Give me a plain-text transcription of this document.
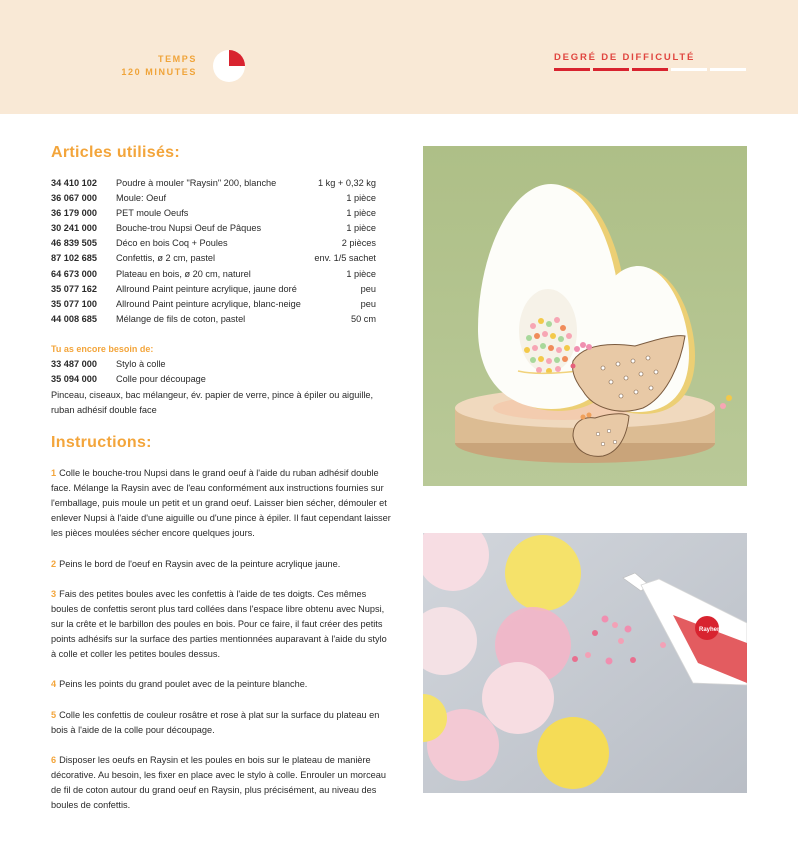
TEMPS
120 MINUTES
DEGRÉ DE DIFFICULTÉ
Articles utilisés:
34 410 102	Poudre à mouler "Raysin" 200, blanche	1 kg + 0,32 kg
36 067 000	Moule: Oeuf	1 pièce
36 179 000	PET moule Oeufs	1 pièce
30 241 000	Bouche-trou Nupsi Oeuf de Pâques	1 pièce
46 839 505	Déco en bois Coq + Poules	2 pièces
87 102 685	Confettis, ø 2 cm, pastel	env. 1/5 sachet
64 673 000	Plateau en bois, ø 20 cm, naturel	1 pièce
35 077 162	Allround Paint peinture acrylique, jaune doré	peu
35 077 100	Allround Paint peinture acrylique, blanc-neige	peu
44 008 685	Mélange de fils de coton, pastel	50 cm
Tu as encore besoin de:
33 487 000	Stylo à colle
35 094 000	Colle pour découpage
Pinceau, ciseaux, bac mélangeur, év. papier de verre, pince à épiler ou aiguille, ruban adhésif double face
Instructions:

1 Colle le bouche-trou Nupsi dans le grand oeuf à l'aide du ruban adhésif double face. Mélange la Raysin avec de l'eau conformément aux instructions fournies sur l'emballage, puis moule un petit et un grand oeuf. Laisser bien sécher, démouler et enlever Nupsi à l'aide d'une aiguille ou d'une pince à épiler. Il faut cependant laisser les pièces moulées sécher encore quelques jours.

2 Peins le bord de l'oeuf en Raysin avec de la peinture acrylique jaune.

3 Fais des petites boules avec les confettis à l'aide de tes doigts. Ces mêmes boules de confettis seront plus tard collées dans l'espace libre obtenu avec Nupsi, sur la crête et le barbillon des poules en bois. Pour ce faire, il faut créer des petits points adhésifs sur la surface des parties mentionnées auparavant à l'aide du stylo à colle et coller les petites boules dessus.

4 Peins les points du grand poulet avec de la peinture blanche.

5 Colle les confettis de couleur rosâtre et rose à plat sur la surface du plateau en bois à l'aide de la colle pour découpage.

6 Disposer les oeufs en Raysin et les poules en bois sur le plateau de manière décorative. Au besoin, les fixer en place avec le stylo à colle. Enrouler un morceau de fil de coton autour du grand oeuf en Raysin, plus précisément, au niveau des boules de confettis.

Rayher
